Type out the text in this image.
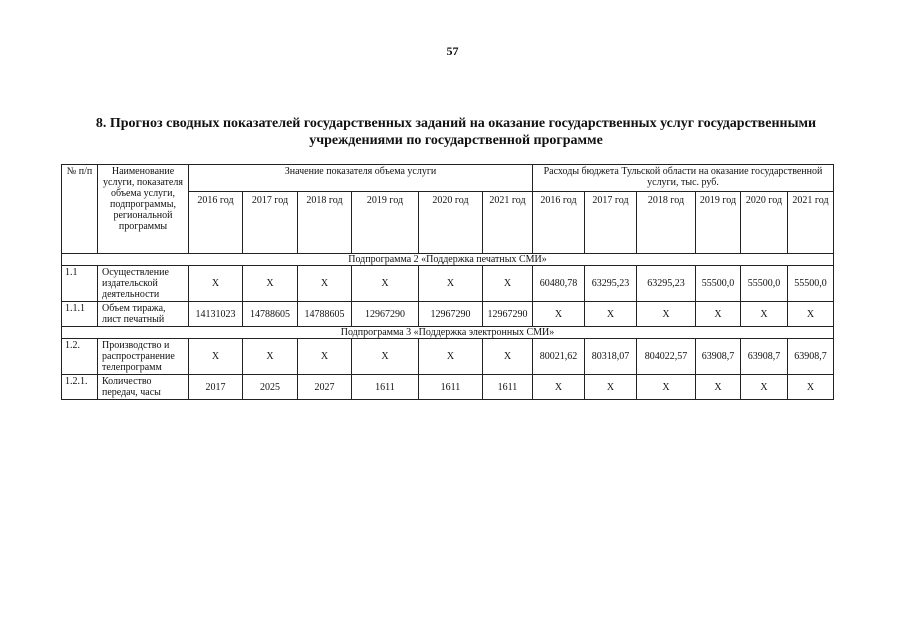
57
8. Прогноз сводных показателей государственных заданий на оказание государственных услуг государственными
учреждениями по государственной программе
№ п/п	Наименование услуги, показателя объема услуги, подпрограммы, региональной программы	Значение показателя объема услуги						Расходы бюджета Тульской области на оказание государственной услуги, тыс. руб.					
		2016 год	2017 год	2018 год	2019 год	2020 год	2021 год	2016 год	2017 год	2018 год	2019 год	2020 год	2021 год
Подпрограмма 2 «Поддержка печатных СМИ»													
1.1	Осуществление издательской деятельности	X	X	X	X	X	X	60480,78	63295,23	63295,23	55500,0	55500,0	55500,0
1.1.1	Объем тиража, лист печатный	14131023	14788605	14788605	12967290	12967290	12967290	X	X	X	X	X	X
Подпрограмма 3 «Поддержка электронных СМИ»													
1.2.	Производство и распространение телепрограмм	X	X	X	X	X	X	80021,62	80318,07	804022,57	63908,7	63908,7	63908,7
1.2.1.	Количество передач, часы	2017	2025	2027	1611	1611	1611	X	X	X	X	X	X
